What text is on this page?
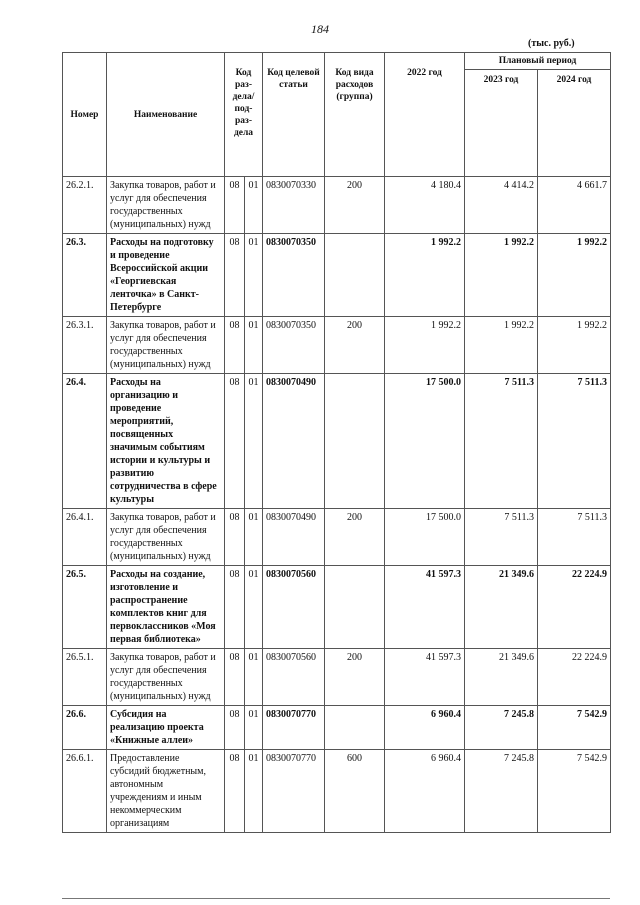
184
(тыс. руб.)
Номер	Наименование	Код раз-дела/ под-раз-дела		Код целевой статьи	Код вида расходов (группа)	2022 год	Плановый период	
							2023 год	2024 год
26.2.1.	Закупка товаров, работ и услуг для обеспечения государственных (муниципальных) нужд	08	01	0830070330	200	4 180.4	4 414.2	4 661.7
26.3.	Расходы на подготовку и проведение Всероссийской акции «Георгиевская ленточка» в Санкт-Петербурге	08	01	0830070350		1 992.2	1 992.2	1 992.2
26.3.1.	Закупка товаров, работ и услуг для обеспечения государственных (муниципальных) нужд	08	01	0830070350	200	1 992.2	1 992.2	1 992.2
26.4.	Расходы на организацию и проведение мероприятий, посвященных значимым событиям истории и культуры и развитию сотрудничества в сфере культуры	08	01	0830070490		17 500.0	7 511.3	7 511.3
26.4.1.	Закупка товаров, работ и услуг для обеспечения государственных (муниципальных) нужд	08	01	0830070490	200	17 500.0	7 511.3	7 511.3
26.5.	Расходы на создание, изготовление и распространение комплектов книг для первоклассников «Моя первая библиотека»	08	01	0830070560		41 597.3	21 349.6	22 224.9
26.5.1.	Закупка товаров, работ и услуг для обеспечения государственных (муниципальных) нужд	08	01	0830070560	200	41 597.3	21 349.6	22 224.9
26.6.	Субсидия на реализацию проекта «Книжные аллеи»	08	01	0830070770		6 960.4	7 245.8	7 542.9
26.6.1.	Предоставление субсидий бюджетным, автономным учреждениям и иным некоммерческим организациям	08	01	0830070770	600	6 960.4	7 245.8	7 542.9
